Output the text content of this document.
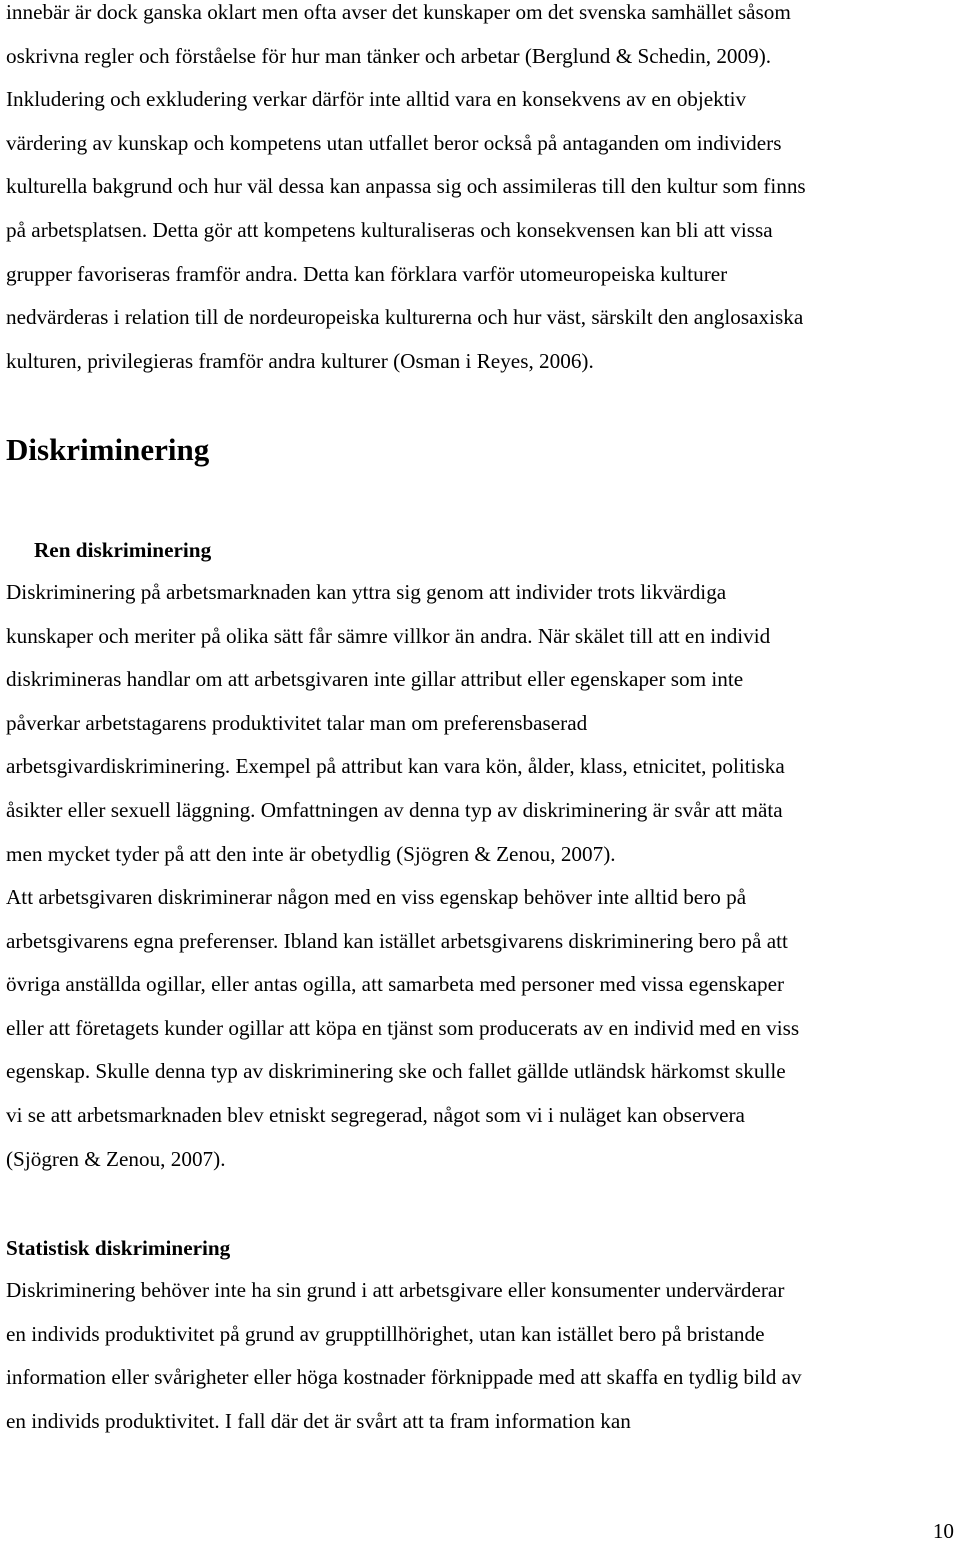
innebär är dock ganska oklart men ofta avser det kunskaper om det svenska samhället såsom
oskrivna regler och förståelse för hur man tänker och arbetar (Berglund & Schedin, 2009).
Inkludering och exkludering verkar därför inte alltid vara en konsekvens av en objektiv
värdering av kunskap och kompetens utan utfallet beror också på antaganden om individers
kulturella bakgrund och hur väl dessa kan anpassa sig och assimileras till den kultur som finns
på arbetsplatsen. Detta gör att kompetens kulturaliseras och konsekvensen kan bli att vissa
grupper favoriseras framför andra. Detta kan förklara varför utomeuropeiska kulturer
nedvärderas i relation till de nordeuropeiska kulturerna och hur väst, särskilt den anglosaxiska
kulturen, privilegieras framför andra kulturer (Osman i Reyes, 2006).
Diskriminering
Ren diskriminering
Diskriminering på arbetsmarknaden kan yttra sig genom att individer trots likvärdiga
kunskaper och meriter på olika sätt får sämre villkor än andra. När skälet till att en individ
diskrimineras handlar om att arbetsgivaren inte gillar attribut eller egenskaper som inte
påverkar arbetstagarens produktivitet talar man om preferensbaserad
arbetsgivardiskriminering. Exempel på attribut kan vara kön, ålder, klass, etnicitet, politiska
åsikter eller sexuell läggning. Omfattningen av denna typ av diskriminering är svår att mäta
men mycket tyder på att den inte är obetydlig (Sjögren & Zenou, 2007).
Att arbetsgivaren diskriminerar någon med en viss egenskap behöver inte alltid bero på
arbetsgivarens egna preferenser. Ibland kan istället arbetsgivarens diskriminering bero på att
övriga anställda ogillar, eller antas ogilla, att samarbeta med personer med vissa egenskaper
eller att företagets kunder ogillar att köpa en tjänst som producerats av en individ med en viss
egenskap. Skulle denna typ av diskriminering ske och fallet gällde utländsk härkomst skulle
vi se att arbetsmarknaden blev etniskt segregerad, något som vi i nuläget kan observera
(Sjögren & Zenou, 2007).
Statistisk diskriminering
Diskriminering behöver inte ha sin grund i att arbetsgivare eller konsumenter undervärderar
en individs produktivitet på grund av grupptillhörighet, utan kan istället bero på bristande
information eller svårigheter eller höga kostnader förknippade med att skaffa en tydlig bild av
en individs produktivitet. I fall där det är svårt att ta fram information kan
10
